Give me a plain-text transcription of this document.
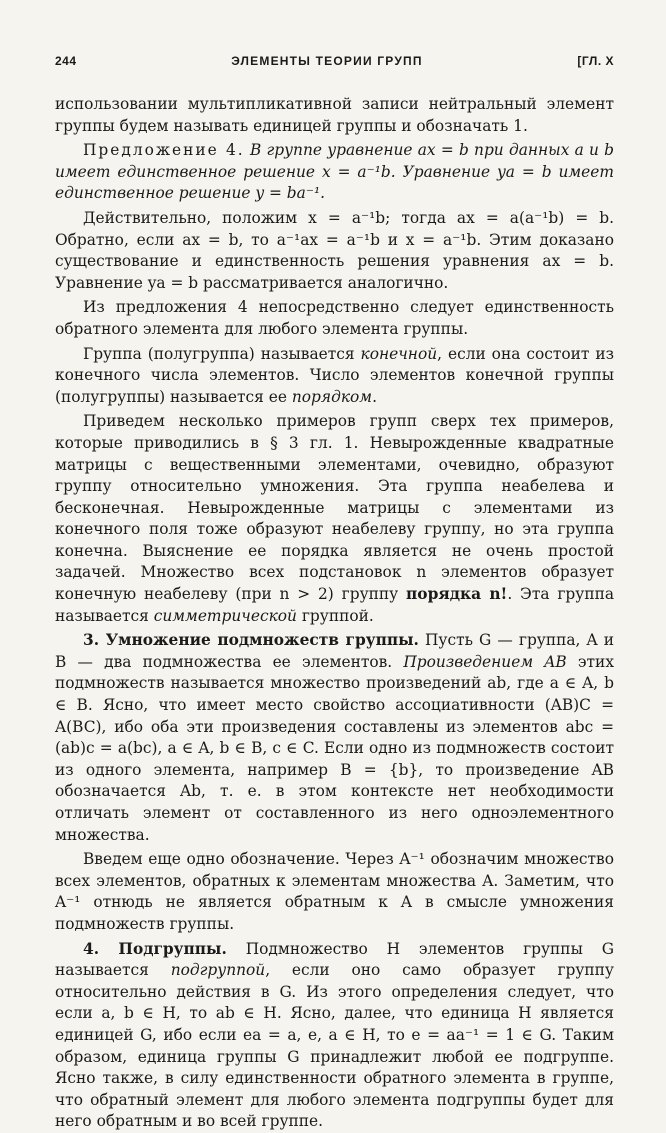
244	ЭЛЕМЕНТЫ ТЕОРИИ ГРУПП	[ГЛ. X

использовании мультипликативной записи нейтральный элемент группы будем называть единицей группы и обозначать 1.

Предложение 4. В группе уравнение ax = b при данных a и b имеет единственное решение x = a⁻¹b. Уравнение ya = b имеет единственное решение y = ba⁻¹.

Действительно, положим x = a⁻¹b; тогда ax = a(a⁻¹b) = b. Обратно, если ax = b, то a⁻¹ax = a⁻¹b и x = a⁻¹b. Этим доказано существование и единственность решения уравнения ax = b. Уравнение ya = b рассматривается аналогично.

Из предложения 4 непосредственно следует единственность обратного элемента для любого элемента группы.

Группа (полугруппа) называется конечной, если она состоит из конечного числа элементов. Число элементов конечной группы (полугруппы) называется ее порядком.

Приведем несколько примеров групп сверх тех примеров, которые приводились в § 3 гл. 1. Невырожденные квадратные матрицы с вещественными элементами, очевидно, образуют группу относительно умножения. Эта группа неабелева и бесконечная. Невырожденные матрицы с элементами из конечного поля тоже образуют неабелеву группу, но эта группа конечна. Выяснение ее порядка является не очень простой задачей. Множество всех подстановок n элементов образует конечную неабелеву (при n > 2) группу порядка n!. Эта группа называется симметрической группой.

3. Умножение подмножеств группы. Пусть G — группа, A и B — два подмножества ее элементов. Произведением AB этих подмножеств называется множество произведений ab, где a ∈ A, b ∈ B. Ясно, что имеет место свойство ассоциативности (AB)C = A(BC), ибо оба эти произведения составлены из элементов abc = (ab)c = a(bc), a ∈ A, b ∈ B, c ∈ C. Если одно из подмножеств состоит из одного элемента, например B = {b}, то произведение AB обозначается Ab, т. е. в этом контексте нет необходимости отличать элемент от составленного из него одноэлементного множества.

Введем еще одно обозначение. Через A⁻¹ обозначим множество всех элементов, обратных к элементам множества A. Заметим, что A⁻¹ отнюдь не является обратным к A в смысле умножения подмножеств группы.

4. Подгруппы. Подмножество H элементов группы G называется подгруппой, если оно само образует группу относительно действия в G. Из этого определения следует, что если a, b ∈ H, то ab ∈ H. Ясно, далее, что единица H является единицей G, ибо если ea = a, e, a ∈ H, то e = aa⁻¹ = 1 ∈ G. Таким образом, единица группы G принадлежит любой ее подгруппе. Ясно также, в силу единственности обратного элемента в группе, что обратный элемент для любого элемента подгруппы будет для него обратным и во всей группе.
